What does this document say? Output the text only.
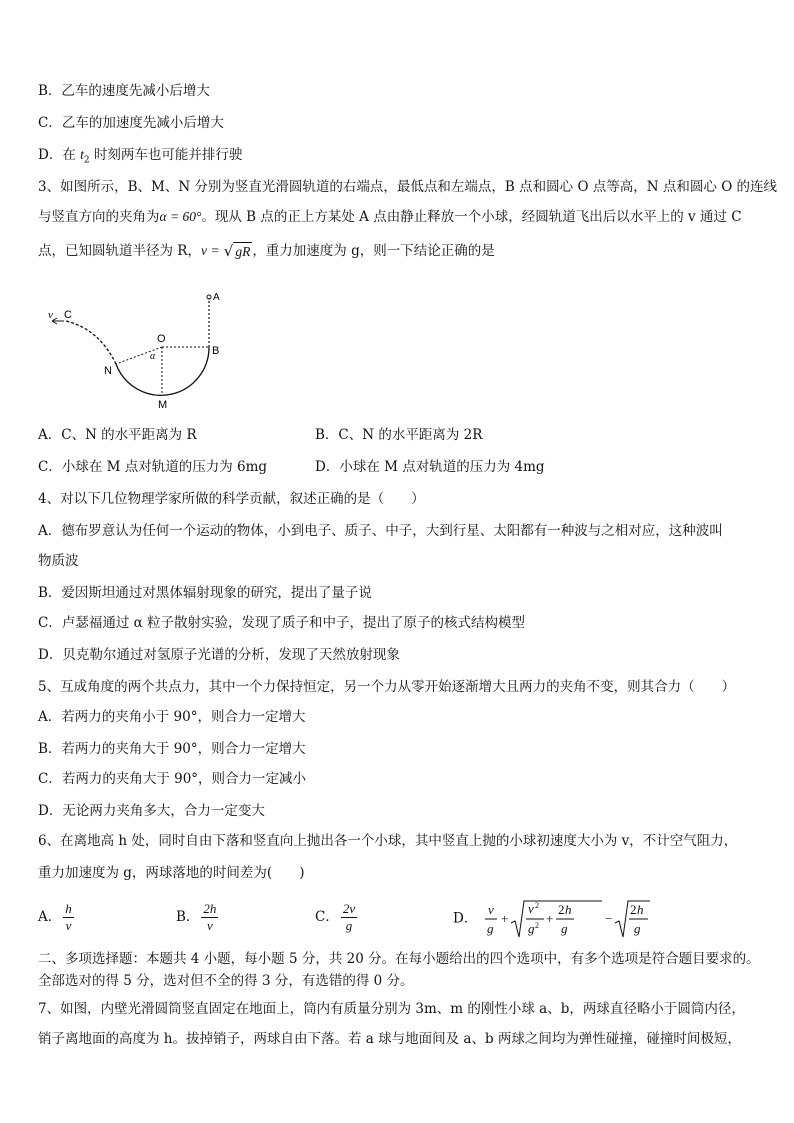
B．乙车的速度先减小后增大
C．乙车的加速度先减小后增大
D．在 $t_2$ 时刻两车也可能并排行驶
3、如图所示，B、M、N 分别为竖直光滑圆轨道的右端点，最低点和左端点，B 点和圆心 O 点等高，N 点和圆心 O 的连线
与竖直方向的夹角为α = 60°。现从 B 点的正上方某处 A 点由静止释放一个小球，经圆轨道飞出后以水平上的 v 通过 C
点，已知圆轨道半径为 R，v = √ gR ，重力加速度为 g，则一下结论正确的是
v C
O
A
B
N
M
α
A．C、N 的水平距离为 R	B．C、N 的水平距离为 2R
C．小球在 M 点对轨道的压力为 6mg	D．小球在 M 点对轨道的压力为 4mg
4、对以下几位物理学家所做的科学贡献，叙述正确的是（　　）
A．德布罗意认为任何一个运动的物体，小到电子、质子、中子，大到行星、太阳都有一种波与之相对应，这种波叫
物质波
B．爱因斯坦通过对黑体辐射现象的研究，提出了量子说
C．卢瑟福通过 α 粒子散射实验，发现了质子和中子，提出了原子的核式结构模型
D．贝克勒尔通过对氢原子光谱的分析，发现了天然放射现象
5、互成角度的两个共点力，其中一个力保持恒定，另一个力从零开始逐渐增大且两力的夹角不变，则其合力（　　）
A．若两力的夹角小于 90°，则合力一定增大
B．若两力的夹角大于 90°，则合力一定增大
C．若两力的夹角大于 90°，则合力一定减小
D．无论两力夹角多大，合力一定变大
6、在离地高 h 处，同时自由下落和竖直向上抛出各一个小球，其中竖直上抛的小球初速度大小为 v，不计空气阻力，
重力加速度为 g，两球落地的时间差为(　　)
A． $\frac{h}{v}$	B． $\frac{2h}{v}$	C． $\frac{2v}{g}$	D．
v
g
+
v 2
g 2 +
2 h
g
−
2 h
g
二、多项选择题：本题共 4 小题，每小题 5 分，共 20 分。在每小题给出的四个选项中，有多个选项是符合题目要求的。
全部选对的得 5 分，选对但不全的得 3 分，有选错的得 0 分。
7、如图，内壁光滑圆筒竖直固定在地面上，筒内有质量分别为 3m、m 的刚性小球 a、b，两球直径略小于圆筒内径，
销子离地面的高度为 h。拔掉销子，两球自由下落。若 a 球与地面间及 a、b 两球之间均为弹性碰撞，碰撞时间极短，
